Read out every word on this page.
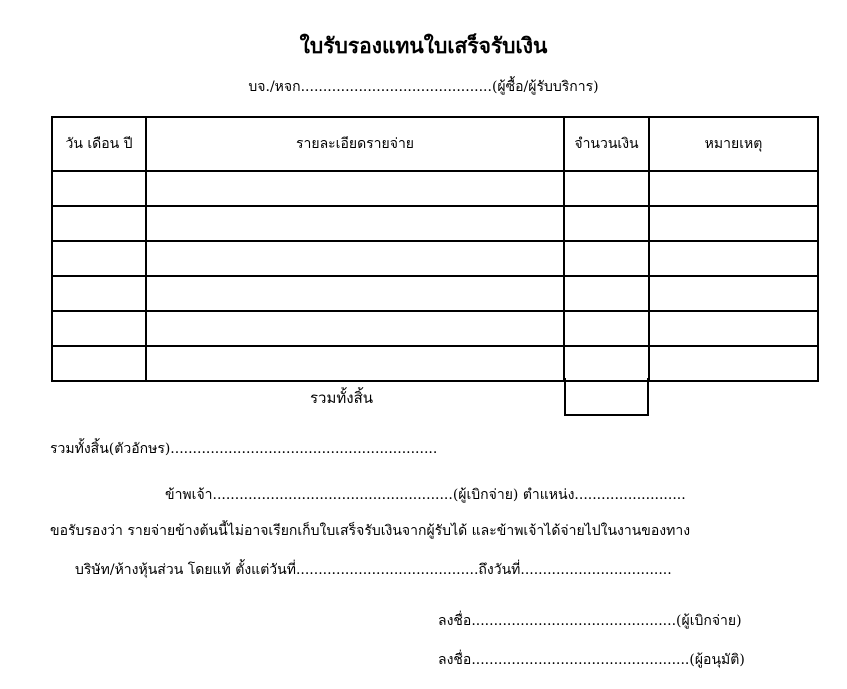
ใบรับรองแทนใบเสร็จรับเงิน
บจ./หจก...........................................(ผู้ซื้อ/ผู้รับบริการ)
วัน เดือน ปี	รายละเอียดรายจ่าย	จำนวนเงิน	หมายเหตุ

รวมทั้งสิ้น
รวมทั้งสิ้น(ตัวอักษร)............................................................
ข้าพเจ้า......................................................(ผู้เบิกจ่าย) ตำแหน่ง.........................
ขอรับรองว่า รายจ่ายข้างต้นนี้ไม่อาจเรียกเก็บใบเสร็จรับเงินจากผู้รับได้ และข้าพเจ้าได้จ่ายไปในงานของทาง
บริษัท/ห้างหุ้นส่วน โดยแท้ ตั้งแต่วันที่.........................................ถึงวันที่..................................
ลงชื่อ..............................................(ผู้เบิกจ่าย)
ลงชื่อ.................................................(ผู้อนุมัติ)
